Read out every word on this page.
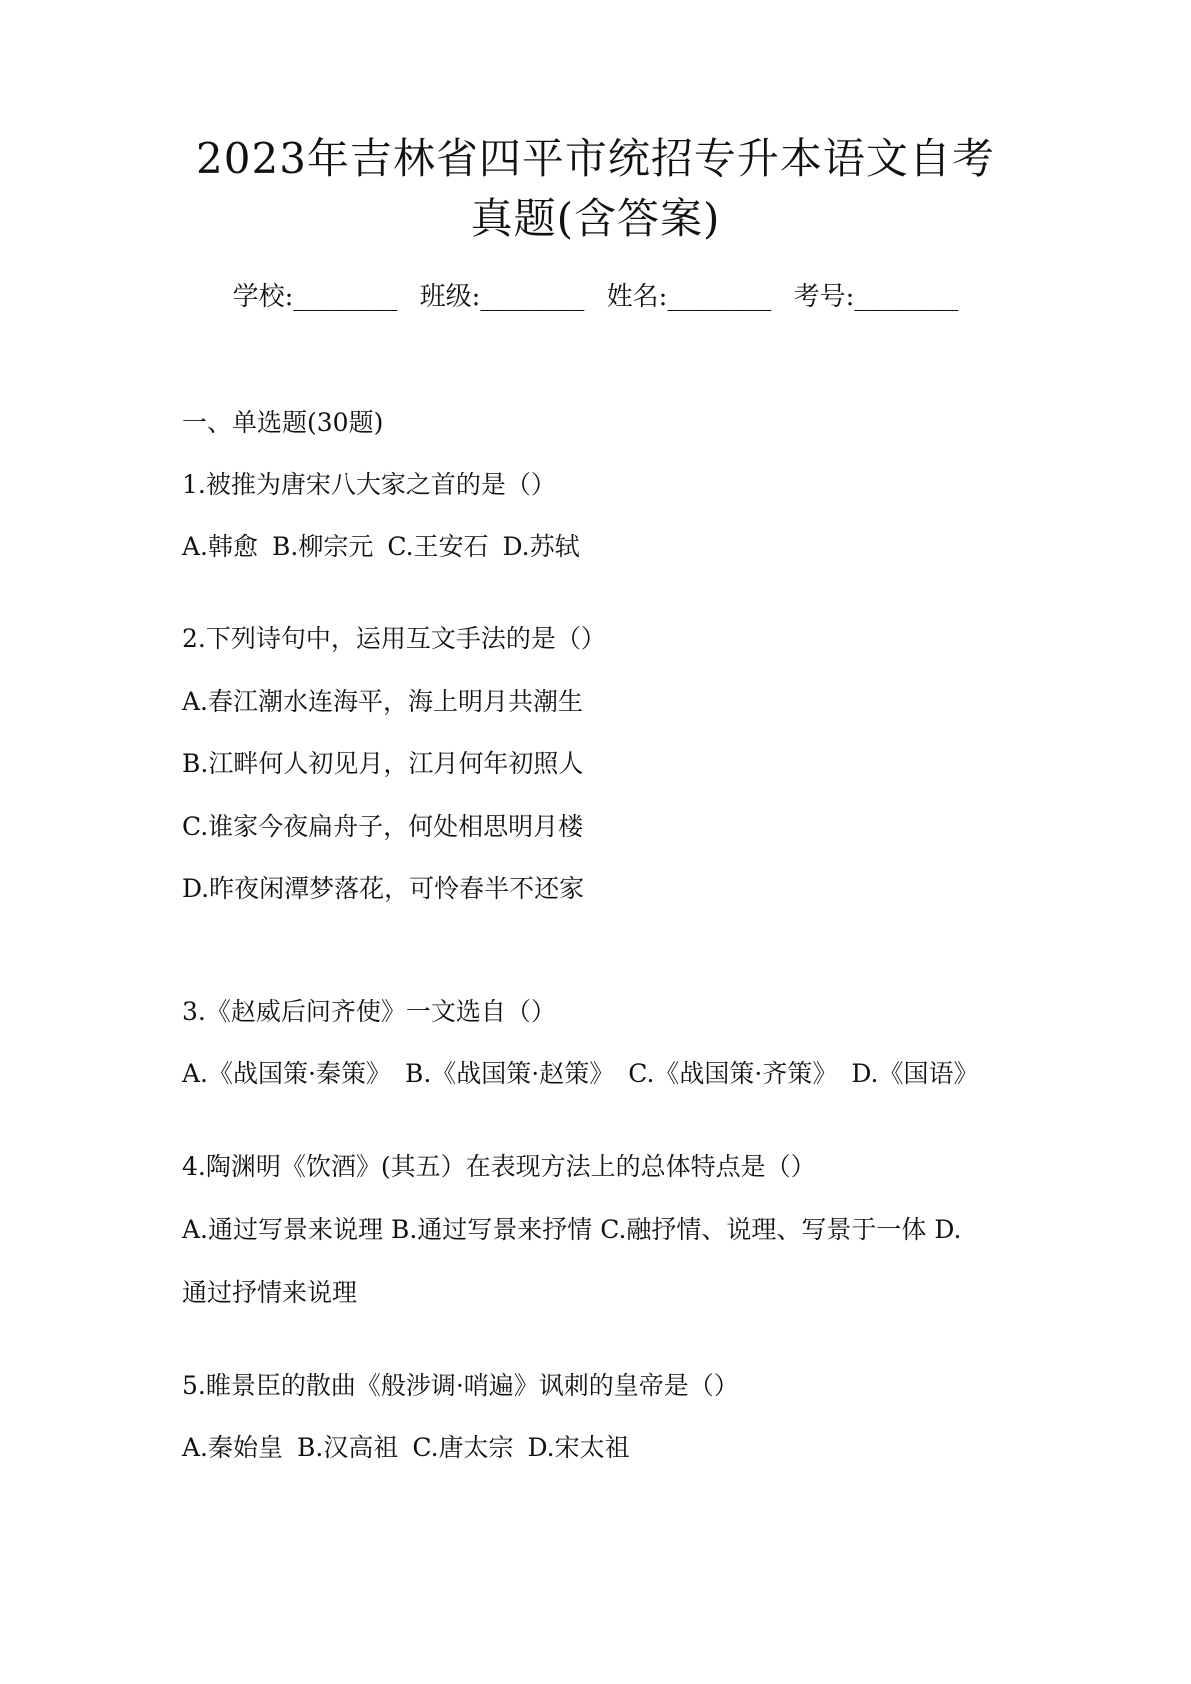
2023年吉林省四平市统招专升本语文自考
真题(含答案)
学校:________ 班级:________ 姓名:________ 考号:________
一、单选题(30题)
1.被推为唐宋八大家之首的是（）
A.韩愈 B.柳宗元 C.王安石 D.苏轼
2.下列诗句中，运用互文手法的是（）
A.春江潮水连海平，海上明月共潮生
B.江畔何人初见月，江月何年初照人
C.谁家今夜扁舟子，何处相思明月楼
D.昨夜闲潭梦落花，可怜春半不还家
3.《赵威后问齐使》一文选自（）
A.《战国策·秦策》 B.《战国策·赵策》 C.《战国策·齐策》 D.《国语》
4.陶渊明《饮酒》(其五）在表现方法上的总体特点是（）
A.通过写景来说理 B.通过写景来抒情 C.融抒情、说理、写景于一体 D.
通过抒情来说理
5.睢景臣的散曲《般涉调·哨遍》讽刺的皇帝是（）
A.秦始皇 B.汉高祖 C.唐太宗 D.宋太祖
